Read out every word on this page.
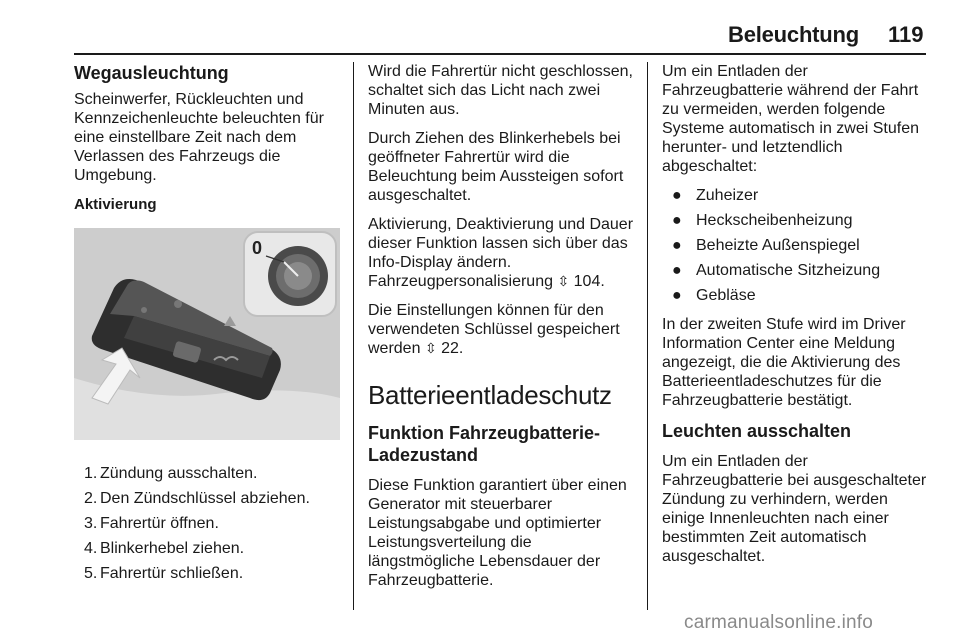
Beleuchtung 119
Wegausleuchtung

Scheinwerfer, Rückleuchten und Kennzeichenleuchte beleuchten für eine einstellbare Zeit nach dem Verlassen des Fahrzeugs die Umgebung.

Aktivierung
0
1. Zündung ausschalten.
2. Den Zündschlüssel abziehen.
3. Fahrertür öffnen.
4. Blinkerhebel ziehen.
5. Fahrertür schließen.

Wird die Fahrertür nicht geschlossen, schaltet sich das Licht nach zwei Minuten aus.

Durch Ziehen des Blinkerhebels bei geöffneter Fahrertür wird die Beleuchtung beim Aussteigen sofort ausgeschaltet.

Aktivierung, Deaktivierung und Dauer dieser Funktion lassen sich über das Info-Display ändern. Fahrzeugpersonalisierung ⇳ 104.

Die Einstellungen können für den verwendeten Schlüssel gespeichert werden ⇳ 22.

Batterieentladeschutz
Funktion Fahrzeugbatterie-Ladezustand

Diese Funktion garantiert über einen Generator mit steuerbarer Leistungsabgabe und optimierter Leistungsverteilung die längstmögliche Lebensdauer der Fahrzeugbatterie.

Um ein Entladen der Fahrzeugbatterie während der Fahrt zu vermeiden, werden folgende Systeme automatisch in zwei Stufen herunter- und letztendlich abgeschaltet:

● Zuheizer
● Heckscheibenheizung
● Beheizte Außenspiegel
● Automatische Sitzheizung
● Gebläse

In der zweiten Stufe wird im Driver Information Center eine Meldung angezeigt, die die Aktivierung des Batterieentladeschutzes für die Fahrzeugbatterie bestätigt.

Leuchten ausschalten

Um ein Entladen der Fahrzeugbatterie bei ausgeschalteter Zündung zu verhindern, werden einige Innenleuchten nach einer bestimmten Zeit automatisch ausgeschaltet.

carmanualsonline.info
